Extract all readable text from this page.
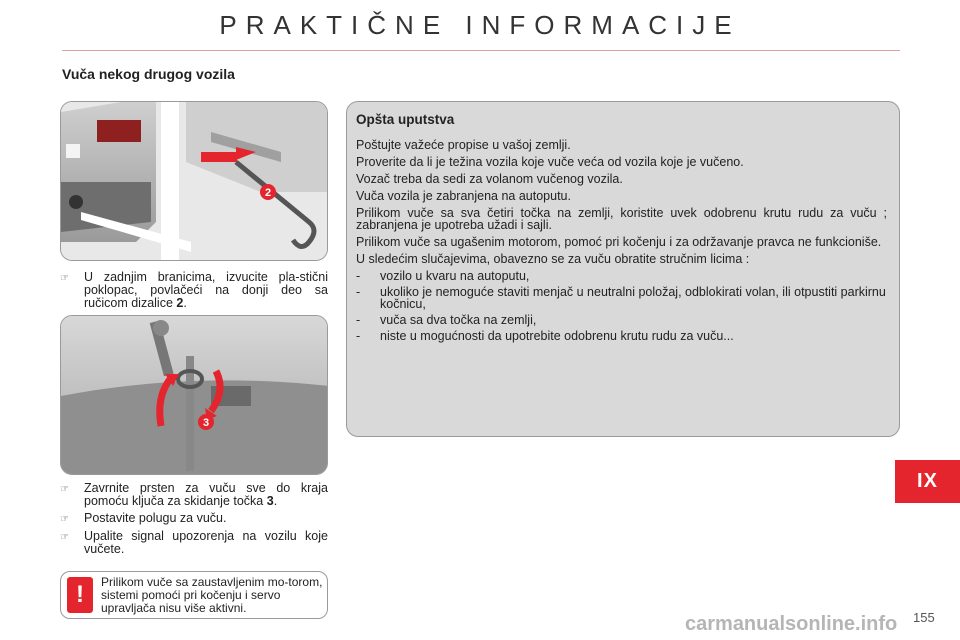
PRAKTIČNE INFORMACIJE
Vuča nekog drugog vozila
2
☞	U zadnjim branicima, izvucite pla-stični poklopac, povlačeći na donji deo sa ručicom dizalice 2.
3
☞	Zavrnite prsten za vuču sve do kraja pomoću ključa za skidanje točka 3.
☞	Postavite polugu za vuču.
☞	Upalite signal upozorenja na vozilu koje vučete.
!	Prilikom vuče sa zaustavljenim mo-torom, sistemi pomoći pri kočenju i servo upravljača nisu više aktivni.
Opšta uputstva
Poštujte važeće propise u vašoj zemlji.
Proverite da li je težina vozila koje vuče veća od vozila koje je vučeno.
Vozač treba da sedi za volanom vučenog vozila.
Vuča vozila je zabranjena na autoputu.
Prilikom vuče sa sva četiri točka na zemlji, koristite uvek odobrenu krutu rudu za vuču ; zabranjena je upotreba užadi i sajli.
Prilikom vuče sa ugašenim motorom, pomoć pri kočenju i za održavanje pravca ne funkcioniše.
U sledećim slučajevima, obavezno se za vuču obratite stručnim licima :
-	vozilo u kvaru na autoputu,
-	ukoliko je nemoguće staviti menjač u neutralni položaj, odblokirati volan, ili otpustiti parkirnu kočnicu,
-	vuča sa dva točka na zemlji,
-	niste u mogućnosti da upotrebite odobrenu krutu rudu za vuču...
IX
carmanualsonline.info 155
